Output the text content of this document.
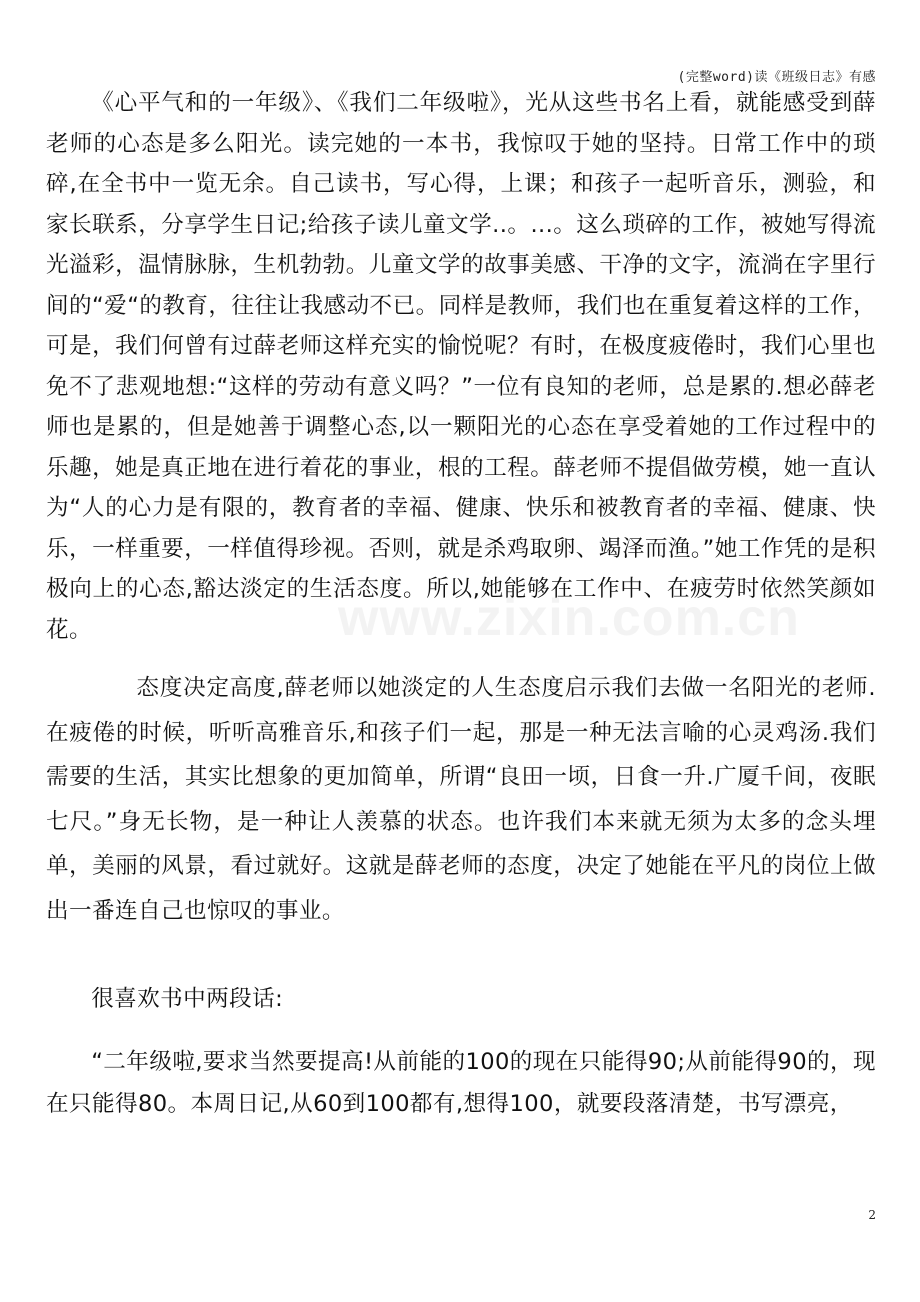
(完整word)读《班级日志》有感
www.zixin.com.cn

《心平气和的一年级》、《我们二年级啦》，光从这些书名上看，就能感受到薛老师的心态是多么阳光。读完她的一本书，我惊叹于她的坚持。日常工作中的琐碎,在全书中一览无余。自己读书，写心得，上课；和孩子一起听音乐，测验，和家长联系，分享学生日记;给孩子读儿童文学..。...。这么琐碎的工作，被她写得流光溢彩，温情脉脉，生机勃勃。儿童文学的故事美感、干净的文字，流淌在字里行间的“爱“的教育，往往让我感动不已。同样是教师，我们也在重复着这样的工作，可是，我们何曾有过薛老师这样充实的愉悦呢？有时，在极度疲倦时，我们心里也免不了悲观地想:“这样的劳动有意义吗？”一位有良知的老师，总是累的.想必薛老师也是累的，但是她善于调整心态,以一颗阳光的心态在享受着她的工作过程中的乐趣，她是真正地在进行着花的事业，根的工程。薛老师不提倡做劳模，她一直认为“人的心力是有限的，教育者的幸福、健康、快乐和被教育者的幸福、健康、快乐，一样重要，一样值得珍视。否则，就是杀鸡取卵、竭泽而渔。”她工作凭的是积极向上的心态,豁达淡定的生活态度。所以,她能够在工作中、在疲劳时依然笑颜如花。

态度决定高度,薛老师以她淡定的人生态度启示我们去做一名阳光的老师.在疲倦的时候，听听高雅音乐,和孩子们一起，那是一种无法言喻的心灵鸡汤.我们需要的生活，其实比想象的更加简单，所谓“良田一顷，日食一升.广厦千间，夜眠七尺。”身无长物，是一种让人羡慕的状态。也许我们本来就无须为太多的念头埋单，美丽的风景，看过就好。这就是薛老师的态度，决定了她能在平凡的岗位上做出一番连自己也惊叹的事业。

很喜欢书中两段话:

“二年级啦,要求当然要提高!从前能的100的现在只能得90;从前能得90的，现在只能得80。本周日记,从60到100都有,想得100，就要段落清楚，书写漂亮，

2
